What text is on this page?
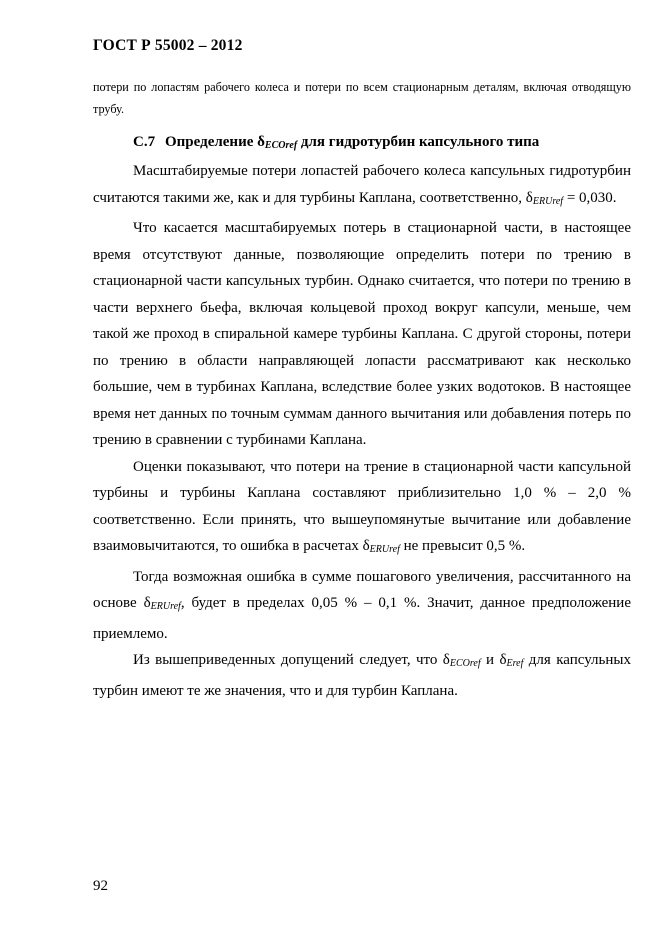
ГОСТ Р 55002 – 2012
потери по лопастям рабочего колеса и потери по всем стационарным деталям, включая отводящую трубу.
С.7 Определение $\delta_{ECOref}$ для гидротурбин капсульного типа

Масштабируемые потери лопастей рабочего колеса капсульных гидротурбин считаются такими же, как и для турбины Каплана, соответственно, $\delta_{ERUref} = 0,030$.

Что касается масштабируемых потерь в стационарной части, в настоящее время отсутствуют данные, позволяющие определить потери по трению в стационарной части капсульных турбин. Однако считается, что потери по трению в части верхнего бьефа, включая кольцевой проход вокруг капсули, меньше, чем такой же проход в спиральной камере турбины Каплана. С другой стороны, потери по трению в области направляющей лопасти рассматривают как несколько большие, чем в турбинах Каплана, вследствие более узких водотоков. В настоящее время нет данных по точным суммам данного вычитания или добавления потерь по трению в сравнении с турбинами Каплана.

Оценки показывают, что потери на трение в стационарной части капсульной турбины и турбины Каплана составляют приблизительно 1,0 % – 2,0 % соответственно. Если принять, что вышеупомянутые вычитание или добавление взаимовычитаются, то ошибка в расчетах $\delta_{ERUref}$ не превысит 0,5 %.

Тогда возможная ошибка в сумме пошагового увеличения, рассчитанного на основе $\delta_{ERUref}$, будет в пределах 0,05 % – 0,1 %. Значит, данное предположение приемлемо.

Из вышеприведенных допущений следует, что $\delta_{ECOref}$ и $\delta_{Eref}$ для капсульных турбин имеют те же значения, что и для турбин Каплана.

92
